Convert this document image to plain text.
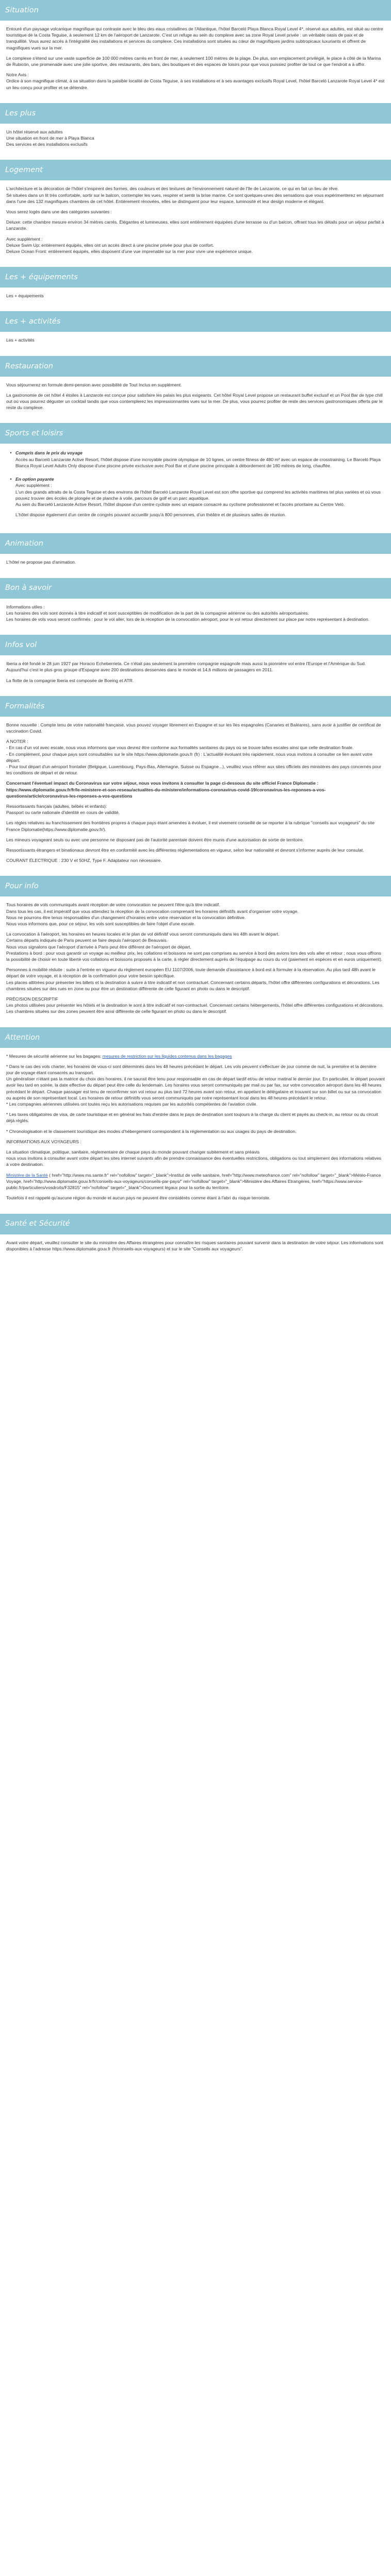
Situation

Entouré d'un paysage volcanique magnifique qui contraste avec le bleu des eaux cristallines de l'Atlantique, l'hôtel Barceló Playa Blanca Royal Level 4*, réservé aux adultes, est situé au centre touristique de la Costa Teguise, à seulement 12 km de l'aéroport de Lanzarote. C'est un refuge au sein du complexe avec sa zone Royal Level privée : un véritable oasis de paix et de tranquillité. Vous aurez accès à l'intégralité des installations et services du complexe. Ces installations sont situées au cœur de magnifiques jardins subtropicaux luxuriants et offrent de magnifiques vues sur la mer.

Le complexe s'étend sur une vaste superficie de 100 000 mètres carrés en front de mer, à seulement 100 mètres de la plage. De plus, son emplacement privilégié, le place à côté de la Marina de Rubicón, une promenade avec une jolie sportive, des restaurants, des bars, des boutiques et des espaces de loisirs pour que vous puissiez profiter de tout ce que l'endroit a à offrir.

Notre Avis :
Ordice à son magnifique climat, à sa situation dans la paisible localité de Costa Teguise, à ses installations et à ses avantages exclusifs Royal Level, l'hôtel Barceló Lanzarote Royal Level 4* est un lieu conçu pour profiter et se détendre.

Les plus

Un hôtel réservé aux adultes

Une situation en front de mer à Playa Blanca

Des services et des installations exclusifs

Logement

L'architecture et la décoration de l'hôtel s'inspirent des formes, des couleurs et des textures de l'environnement naturel de l'île de Lanzarote, ce qui en fait un lieu de rêve.
Sé situées dans un lit très confortable, sortir sur le balcon, contempler les vues, respirer et sentir la brise marine. Ce sont quelques-unes des sensations que vous expérimenterez en séjournant dans l'une des 132 magnifiques chambres de cet hôtel. Entièrement rénovées, elles se distinguent pour leur espace, luminosité et leur design moderne et élégant.

Vous serez logés dans une des catégories suivantes :

Deluxe: cette chambre mesure environ 34 mètres carrés. Élégantes et lumineuses, elles sont entièrement équipées d'une terrasse ou d'un balcon, offrant tous les détails pour un séjour parfait à Lanzarote.

Avec supplément :
Deluxe Swim Up: entièrement équipés, elles ont un accès direct à une piscine privée pour plus de confort.
Deluxe Ocean Front: entièrement équipés, elles disposent d'une vue imprenable sur la mer pour vivre une expérience unique.

Les + équipements

Les + équipements

Les + activités

Les + activités

Restauration

Vous séjournerez en formule demi-pension avec possibilité de Tout Inclus en supplément.

La gastronomie de cet hôtel 4 étoiles à Lanzarote est conçue pour satisfaire les palais les plus exigeants. Cet hôtel Royal Level propose un restaurant buffet exclusif et un Pool Bar de type chill out où vous pourrez déguster un cocktail tandis que vous contemplerez les impressionnantes vues sur la mer. De plus, vous pourrez profiter de reste des services gastronomiques offerts par le reste du complexe.

Sports et loisirs
• Compris dans le prix du voyage

Accès au Barceló Lanzarote Active Resort, l'hôtel dispose d'une incroyable piscine olympique de 10 lignes, un centre fitness de 480 m² avec un espace de crosstraining. Le Barceló Playa Blanca Royal Level Adults Only dispose d'une piscine privée exclusive avec Pool Bar et d'une piscine principale à débordement de 180 mètres de long, chauffée.

• En option payante

Avec supplément :
L'un des grands attraits de la Costa Teguise et des environs de l'hôtel Barceló Lanzarote Royal Level est son offre sportive qui comprend les activités maritimes tel plus variées et où vous pouvez trouver des écoles de plongée et de planche à voile, parcours de golf et un parc aquatique.
Au sein du Barceló Lanzarote Active Resort, l'hôtel dispose d'un centre cycliste avec un espace consacré au cyclisme professionnel et l'accès prioritaire au Centre Velò.

L'hôtel dispose également d'un centre de congrès pouvant accueillir jusqu'à 800 personnes, d'un théâtre et de plusieurs salles de réunion.

Animation

L'hôtel ne propose pas d'animation.

Bon à savoir

Informations utiles :
Les horaires des vols sont donnés à titre indicatif et sont susceptibles de modification de la part de la compagnie aérienne ou des autorités aéroportuaires.
Les horaires de vols vous seront confirmés : pour le vol aller, lors de la réception de la convocation aéroport, pour le vol retour directement sur place par notre représentant à destination.

Infos vol

Iberia a été fondé le 28 juin 1927 par Horacio Echeberrieta. Ce n'était pas seulement la première compagnie espagnole mais aussi la pionnière vol entre l'Europe et l'Amérique du Sud. Aujourd'hui c'est le plus gros groupe d'Espagne avec 200 destinations desservies dans le monde et 14,6 millions de passagers en 2011.

La flotte de la compagnie Iberia est composée de Boeing et ATR.

Formalités

Bonne nouvelle : Compte tenu de votre nationalité française, vous pouvez voyager librement en Espagne et sur les îles espagnoles (Canaries et Baléares), sans avoir à justifier de certificat de vaccination Covid.

A NOTER :
- En cas d'un vol avec escale, nous vous informons que vous devrez être conforme aux formalités sanitaires du pays où se trouve la/les escales ainsi que celle destination finale.
- En complément, pour chaque pays sont consultables sur le site https://www.diplomatie.gouv.fr (fr) : L'actualité évoluant très rapidement, nous vous invitons à consulter ce lien avant votre départ.
- Pour tout départ d'un aéroport frontalier (Belgique, Luxembourg, Pays-Bas, Allemagne, Suisse ou Espagne...), veuillez vous référer aux sites officiels des ministères des pays concernés pour les conditions de départ et de retour.

Concernant l'éventuel impact du Coronavirus sur votre séjour, nous vous invitons à consulter la page ci-dessous du site officiel France Diplomatie :
https://www.diplomatie.gouv.fr/fr/le-ministere-et-son-reseau/actualites-du-ministere/informations-coronavirus-covid-19/coronavirus-les-reponses-a-vos-questions/article/coronavirus-les-reponses-a-vos-questions

Ressortissants français (adultes, bébés et enfants):
Passport ou carte nationale d'identité en cours de validité.

Les règles relatives au franchissement des frontières propres à chaque pays étant amenées à évoluer, il est vivement conseillé de se reporter à la rubrique "conseils aux voyageurs" du site France Diplomatie(https://www.diplomatie.gouv.fr/).

Les mineurs voyageant seuls ou avec une personne ne disposant pas de l'autorité parentale doivent être munis d'une autorisation de sortie de territoire.

Ressortissants étrangers et binationaux devront être en conformité avec les différentes réglementations en vigueur, selon leur nationalité et devront s'informer auprès de leur consulat.

COURANT ÉLECTRIQUE : 230 V et 50HZ, Type F. Adaptateur non nécessaire.

Pour info

Tous horaires de vols communiqués avant réception de votre convocation ne peuvent l'être qu'à titre indicatif.
Dans tous les cas, il est impératif que vous attendiez la réception de la convocation comprenant les horaires définitifs avant d'organiser votre voyage.
Nous ne pourrons être tenus responsables d'un changement d'horaires entre votre réservation et la convocation définitive.
Nous vous informons que, pour ce séjour, les vols sont susceptibles de faire l'objet d'une escale.

La convocation à l'aéroport, les horaires en heures locales et le plan de vol définitif vous seront communiqués dans les 48h avant le départ.
Certains départs indiqués de Paris peuvent se faire depuis l'aéroport de Beauvais.
Nous vous signalons que l'aéroport d'arrivée à Paris peut être différent de l'aéroport de départ.
Prestations à bord : pour vous garantir un voyage au meilleur prix, les collations et boissons ne sont pas comprises au service à bord des avions lors des vols aller et retour ; nous vous offrons la possibilité de choisir en toute liberté vos collations et boissons proposés à la carte, à régler directement auprès de l'équipage au cours du vol (paiement en espèces et en euros uniquement).

Personnes à mobilité réduite : suite à l'entrée en vigueur du règlement européen EU 1107/2006, toute demande d'assistance à bord est à formuler à la réservation. Au plus tard 48h avant le départ de votre voyage, et à réception de la confirmation pour votre besoin spécifique.
Les places attitrées pour présenter les billets et la destination à suivre à titre indicatif et non contractuel. Concernant certains départs, l'hôtel offre différentes configurations et décorations. Les chambres situées sur des rues en zone ou pour être un destination différente de celle figurant en photo ou dans le descriptif.

PRÉCISION DESCRIPTIF
Les photos utilisées pour présenter les hôtels et la destination le sont à titre indicatif et non-contractuel. Concernant certains hébergements, l'hôtel offre différentes configurations et décorations. Les chambres situées sur des zones peuvent être ainsi différente de celle figurant en photo ou dans le descriptif.

Attention

* Mesures de sécurité aérienne sur les bagages: mesures de restriction sur les liquides contenus dans les bagages

* Dans le cas des vols charter, les horaires de vous-ci sont déterminés dans les 48 heures précédant le départ. Les vols peuvent s'effectuer de jour comme de nuit, la première et la dernière jour de voyage étant consacrés au transport.
Un généraliser n'étant pas la matrice du choix des horaires, il ne saurait être tenu pour responsable en cas de départ tardif et/ou de retour matinal le dernier jour. En particulier, le départ pouvant avoir lieu tard en soirée, la date effective du départ peut être celle du lendemain. Les horaires vous seront communiqués par mail ou par fax, sur votre convocation aéroport dans les 48 heures précédant le départ. Chaque passager est tenu de reconfirmer son vol retour au plus tard 72 heures avant son retour, en appelant le délégataire et trouvant sur son billet ou sur sa convocation ou auprès de son représentant local. Les horaires de retour définitifs vous seront communiqués par notre représentant local dans les 48 heures précédant le retour.
* Les compagnies aériennes utilisées ont toutes reçu les autorisations requises par les autorités compétentes de l'aviation civile.

* Les taxes obligatoires de visa, de carte touristique et en général les frais d'entrée dans le pays de destination sont toujours à la charge du client et payés au check-in, au retour ou du circuit déjà réglés.

* Chronologisation et le classement touristique des modes d'hébergement correspondent à la réglementation ou aux usages du pays de destination.

INFORMATIONS AUX VOYAGEURS :

La situation climatique, politique, sanitaire, réglementaire de chaque pays du monde pouvant changer subitement et sans préavis
nous vous invitons à consulter avant votre départ les sites internet suivants afin de prendre connaissance des éventuelles restrictions, obligations ou tout simplement des informations relatives à votre destination.

Ministère de la Santé ( href="http://www.ms.sante.fr" rel="nofollow" target="_blank">Institut de veille sanitaire, href="http://www.meteofrance.com" rel="nofollow" target="_blank">Météo-France Voyage, href="http://www.diplomatie.gouv.fr/fr/conseils-aux-voyageurs/conseils-par-pays/" rel="nofollow" target="_blank">Ministère des Affaires Etrangères, href="https://www.service-public.fr/particuliers/vosdroits/F32815" rel="nofollow" target="_blank">Document légaux pour la sortie du territoire.

Toutefois il est rappelé qu'aucune région du monde et aucun pays ne peuvent être considérés comme étant à l'abri du risque terroriste.

Santé et Sécurité

Avant votre départ, veuillez consulter le site du ministère des Affaires étrangères pour connaître les risques sanitaires pouvant survenir dans la destination de votre séjour. Les informations sont disponibles à l'adresse https://www.diplomatie.gouv.fr (fr/conseils-aux-voyageurs) et sur le site "Conseils aux voyageurs".
